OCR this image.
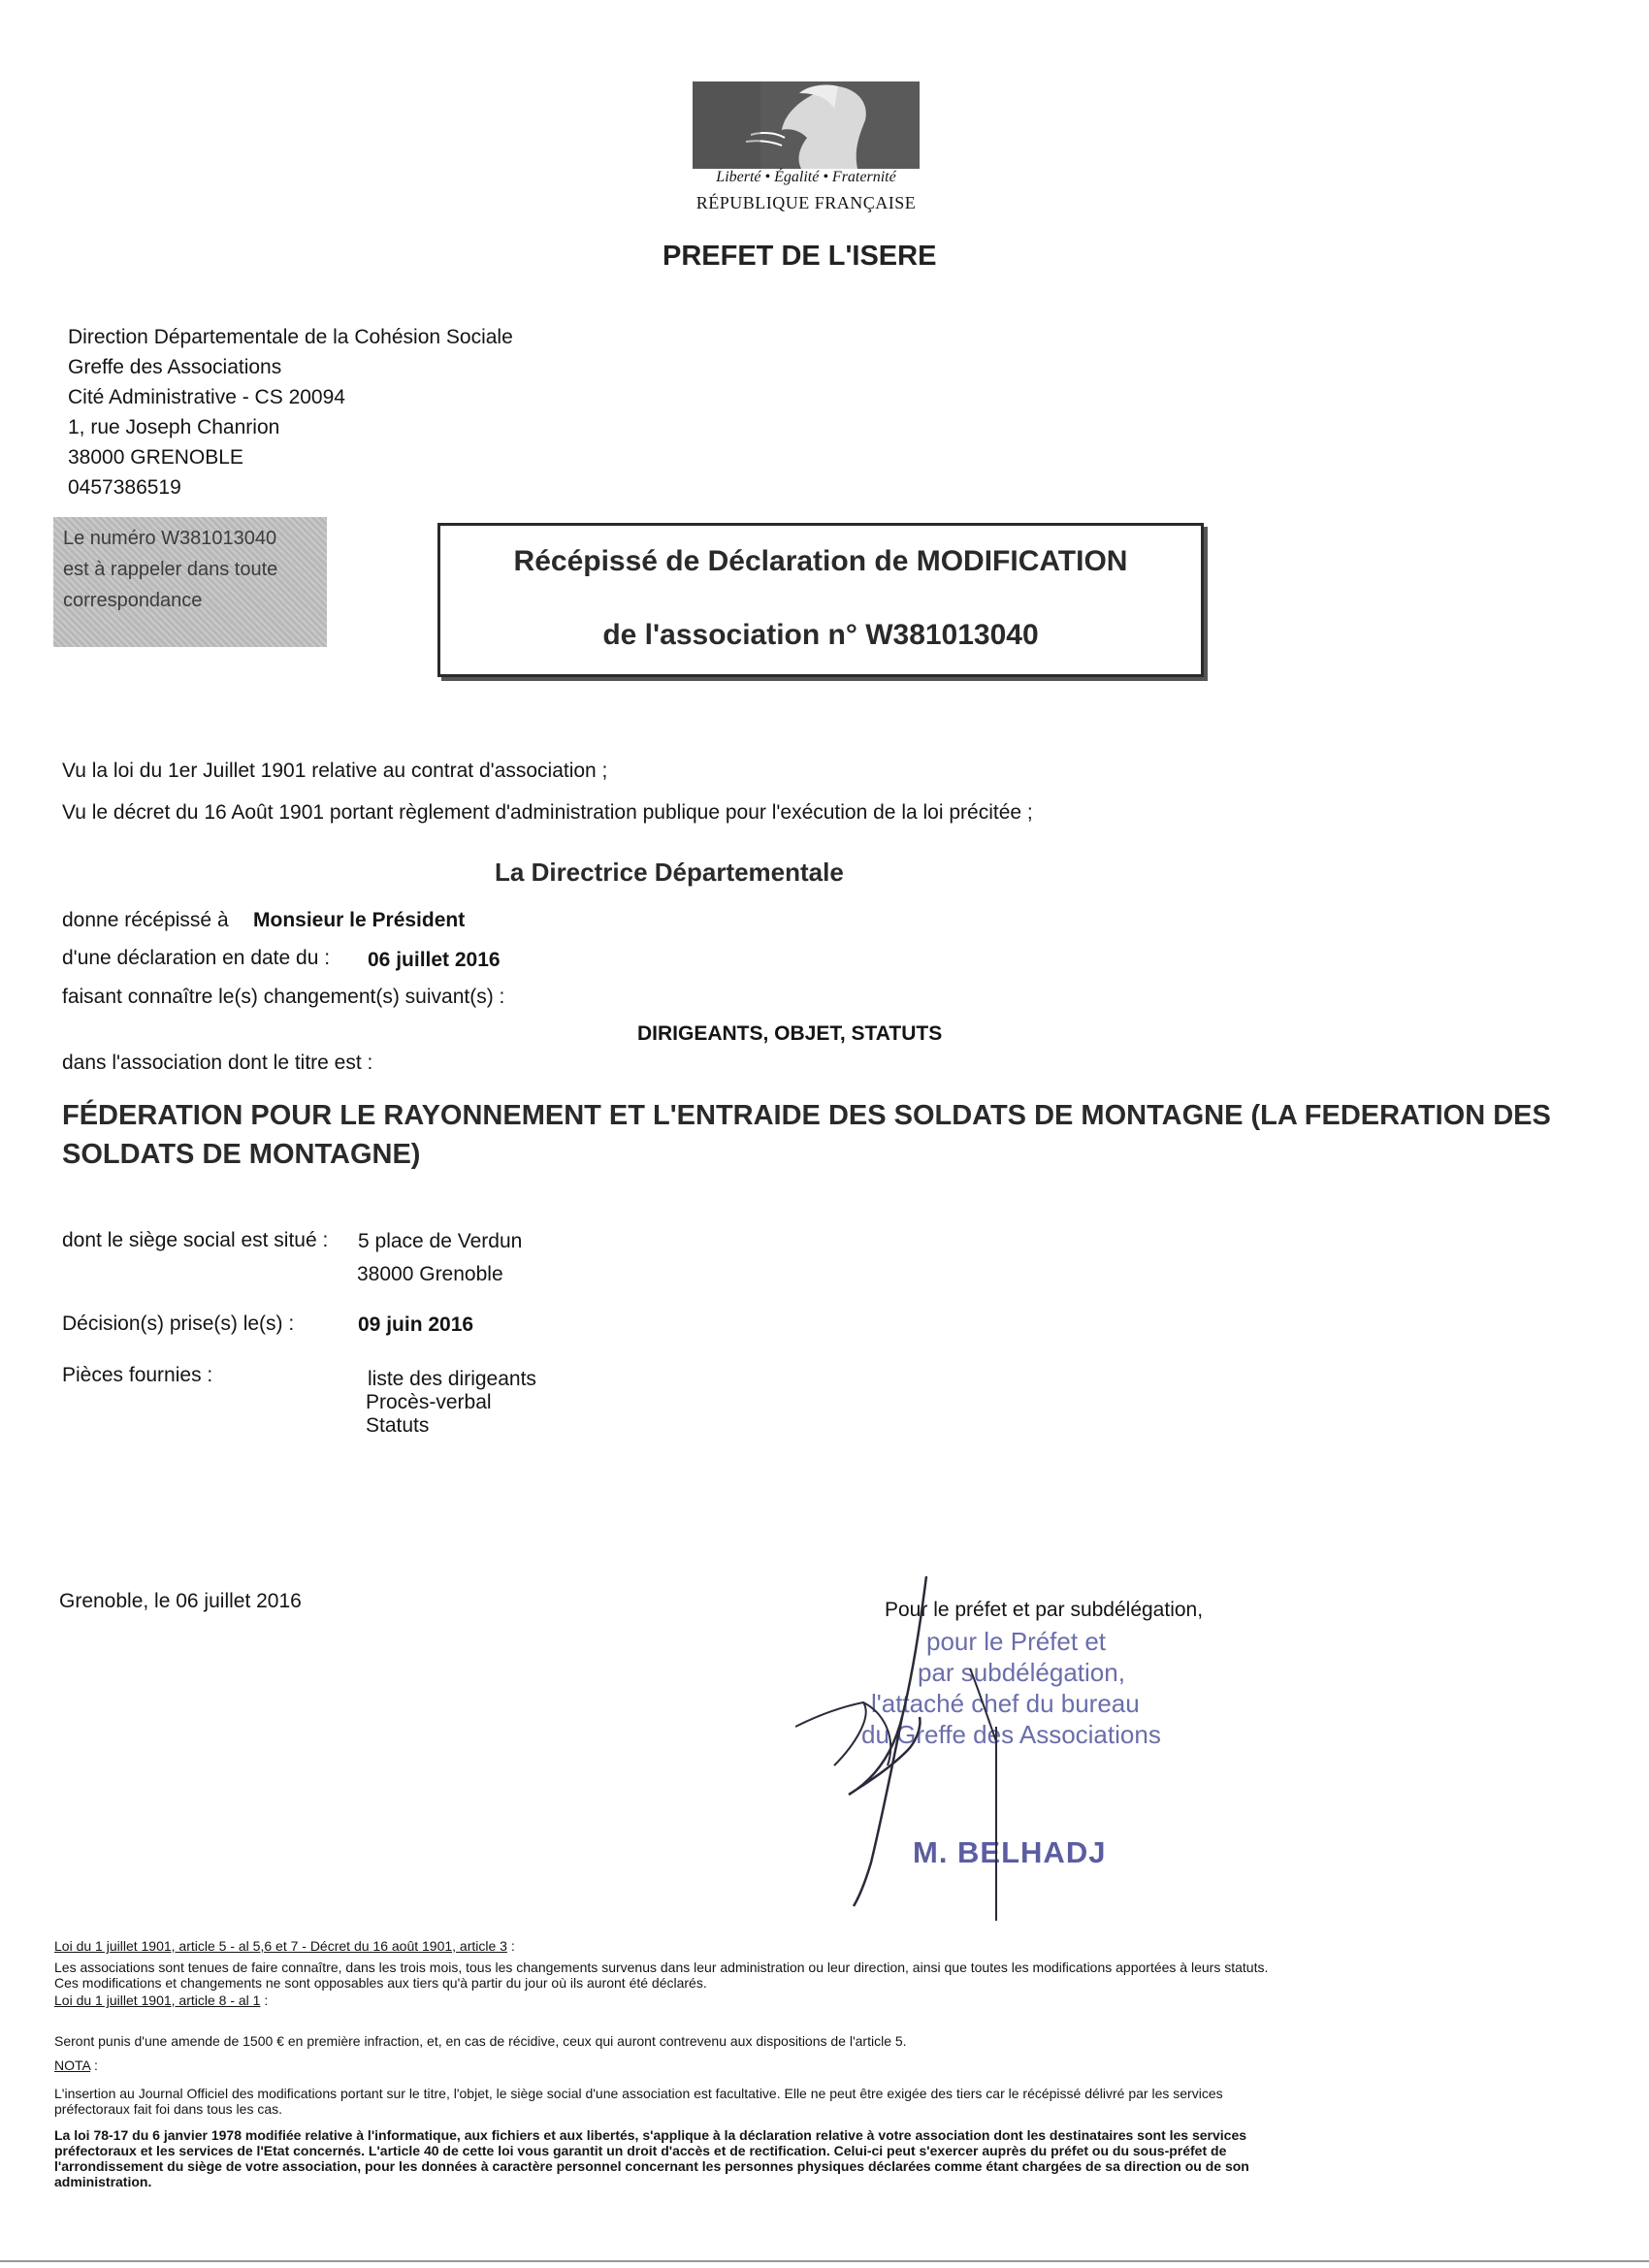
Liberté • Égalité • Fraternité
RÉPUBLIQUE FRANÇAISE
PREFET DE L'ISERE
Direction Départementale de la Cohésion Sociale
Greffe des Associations
Cité Administrative - CS 20094
1, rue Joseph Chanrion
38000 GRENOBLE
0457386519
Le numéro W381013040
est à rappeler dans toute
correspondance
Récépissé de Déclaration de MODIFICATION
de l'association n° W381013040
Vu la loi du 1er Juillet 1901 relative au contrat d'association ;
Vu le décret du 16 Août 1901 portant règlement d'administration publique pour l'exécution de la loi précitée ;
La Directrice Départementale
donne récépissé à Monsieur le Président
d'une déclaration en date du : 06 juillet 2016
faisant connaître le(s) changement(s) suivant(s) :
DIRIGEANTS, OBJET, STATUTS
dans l'association dont le titre est :
FÉDERATION POUR LE RAYONNEMENT ET L'ENTRAIDE DES SOLDATS DE MONTAGNE (LA FEDERATION DES
SOLDATS DE MONTAGNE)
dont le siège social est situé : 5 place de Verdun
38000 Grenoble
Décision(s) prise(s) le(s) :	09 juin 2016
Pièces fournies :	liste des dirigeants
Procès-verbal
Statuts
Grenoble, le 06 juillet 2016	Pour le préfet et par subdélégation,
pour le Préfet et
par subdélégation,
l'attaché chef du bureau
du Greffe des Associations
M. BELHADJ
Loi du 1 juillet 1901, article 5 - al 5,6 et 7 - Décret du 16 août 1901, article 3 :
Les associations sont tenues de faire connaître, dans les trois mois, tous les changements survenus dans leur administration ou leur direction, ainsi que toutes les modifications apportées à leurs statuts.
Ces modifications et changements ne sont opposables aux tiers qu'à partir du jour où ils auront été déclarés.
Loi du 1 juillet 1901, article 8 - al 1 :
Seront punis d'une amende de 1500 € en première infraction, et, en cas de récidive, ceux qui auront contrevenu aux dispositions de l'article 5.
NOTA :
L'insertion au Journal Officiel des modifications portant sur le titre, l'objet, le siège social d'une association est facultative. Elle ne peut être exigée des tiers car le récépissé délivré par les services
préfectoraux fait foi dans tous les cas.
La loi 78-17 du 6 janvier 1978 modifiée relative à l'informatique, aux fichiers et aux libertés, s'applique à la déclaration relative à votre association dont les destinataires sont les services
préfectoraux et les services de l'Etat concernés. L'article 40 de cette loi vous garantit un droit d'accès et de rectification. Celui-ci peut s'exercer auprès du préfet ou du sous-préfet de
l'arrondissement du siège de votre association, pour les données à caractère personnel concernant les personnes physiques déclarées comme étant chargées de sa direction ou de son
administration.
